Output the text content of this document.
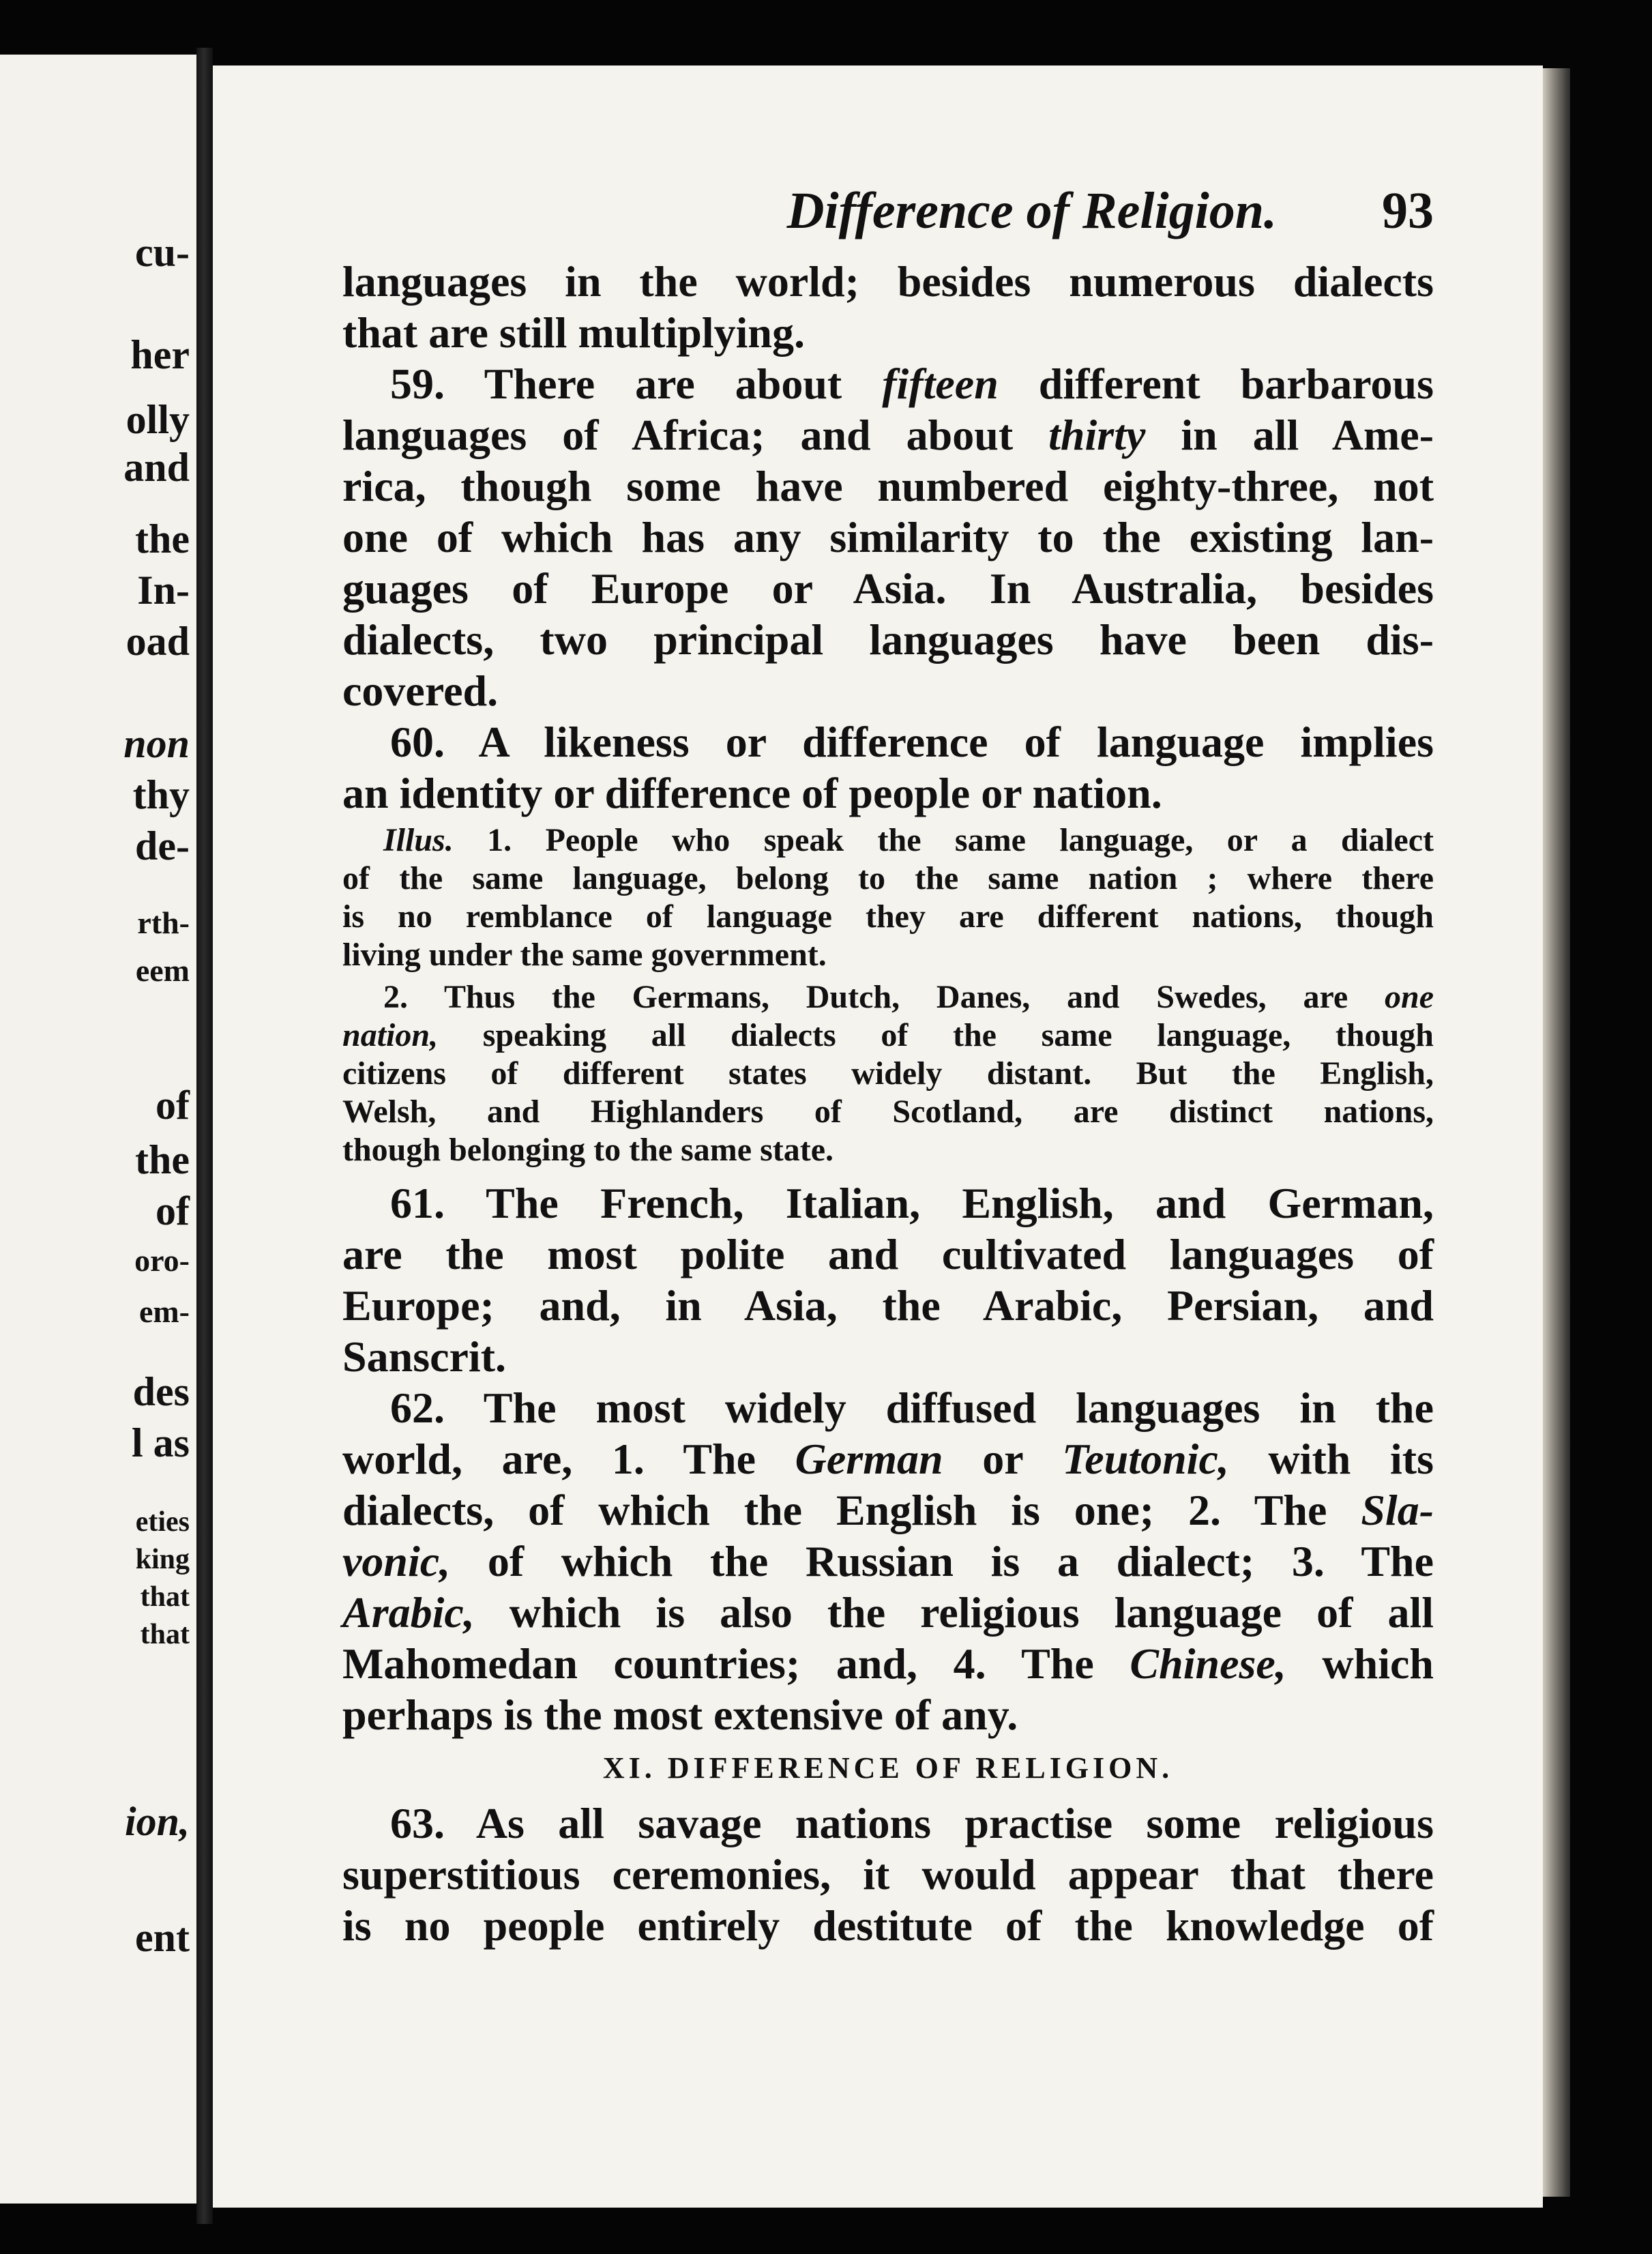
cu-
her
olly
and
the
In-
oad
non
thy
de-
rth-
eem
of
the
of
oro-
em-
des
l as
eties
king
that
that
ion,
ent
Difference of Religion. 93
languages in the world; besides numerous dialects
that are still multiplying.
59. There are about fifteen different barbarous
languages of Africa; and about thirty in all Ame-
rica, though some have numbered eighty-three, not
one of which has any similarity to the existing lan-
guages of Europe or Asia. In Australia, besides
dialects, two principal languages have been dis-
covered.
60. A likeness or difference of language implies
an identity or difference of people or nation.
Illus. 1. People who speak the same language, or a dialect
of the same language, belong to the same nation ; where there
is no remblance of language they are different nations, though
living under the same government.
2. Thus the Germans, Dutch, Danes, and Swedes, are one
nation, speaking all dialects of the same language, though
citizens of different states widely distant. But the English,
Welsh, and Highlanders of Scotland, are distinct nations,
though belonging to the same state.
61. The French, Italian, English, and German,
are the most polite and cultivated languages of
Europe; and, in Asia, the Arabic, Persian, and
Sanscrit.
62. The most widely diffused languages in the
world, are, 1. The German or Teutonic, with its
dialects, of which the English is one; 2. The Sla-
vonic, of which the Russian is a dialect; 3. The
Arabic, which is also the religious language of all
Mahomedan countries; and, 4. The Chinese, which
perhaps is the most extensive of any.
XI. DIFFERENCE OF RELIGION.
63. As all savage nations practise some religious
superstitious ceremonies, it would appear that there
is no people entirely destitute of the knowledge of
